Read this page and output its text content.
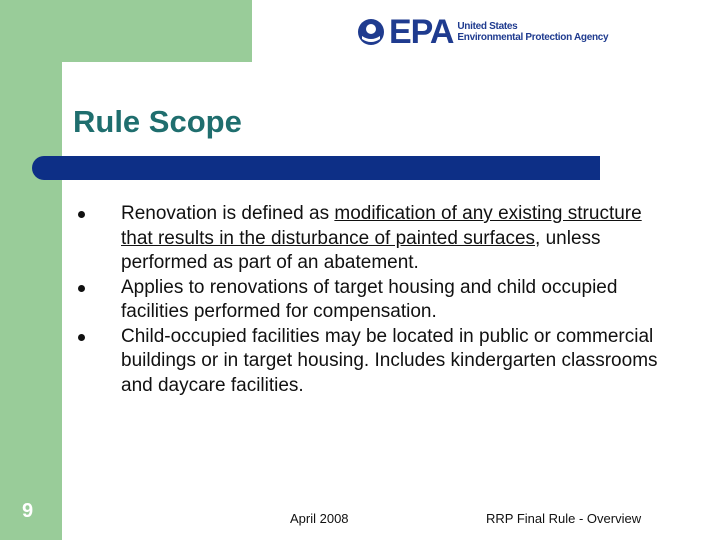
EPA United States
Environmental Protection Agency
Rule Scope
Renovation is defined as modification of any existing structure that results in the disturbance of painted surfaces, unless performed as part of an abatement.
Applies to renovations of target housing and child occupied facilities performed for compensation.
Child-occupied facilities may be located in public or commercial buildings or in target housing. Includes kindergarten classrooms and daycare facilities.
9	April 2008	RRP Final Rule - Overview
